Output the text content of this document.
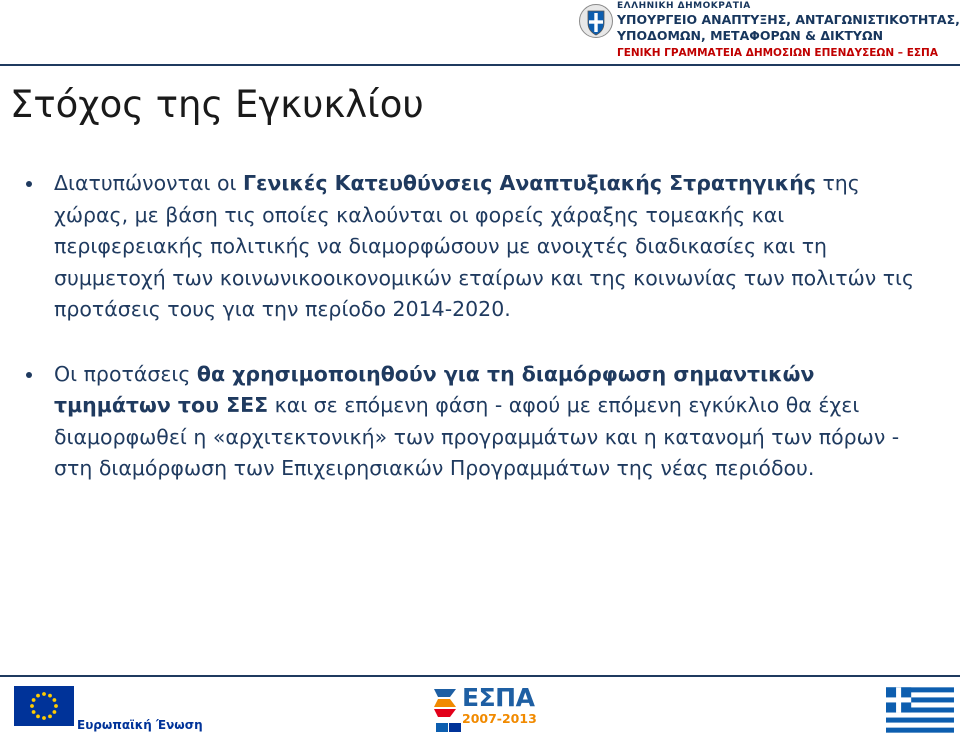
ΕΛΛΗΝΙΚΗ ΔΗΜΟΚΡΑΤΙΑ
ΥΠΟΥΡΓΕΙΟ ΑΝΑΠΤΥΞΗΣ, ΑΝΤΑΓΩΝΙΣΤΙΚΟΤΗΤΑΣ,
ΥΠΟΔΟΜΩΝ, ΜΕΤΑΦΟΡΩΝ & ΔΙΚΤΥΩΝ
ΓΕΝΙΚΗ ΓΡΑΜΜΑΤΕΙΑ ΔΗΜΟΣΙΩΝ ΕΠΕΝΔΥΣΕΩΝ – ΕΣΠΑ
Στόχος της Εγκυκλίου
Διατυπώνονται οι Γενικές Κατευθύνσεις Αναπτυξιακής Στρατηγικής της χώρας, με βάση τις οποίες καλούνται οι φορείς χάραξης τομεακής και περιφερειακής πολιτικής να διαμορφώσουν με ανοιχτές διαδικασίες και τη συμμετοχή των κοινωνικοοικονομικών εταίρων και της κοινωνίας των πολιτών τις προτάσεις τους για την περίοδο 2014-2020.
Οι προτάσεις θα χρησιμοποιηθούν για τη διαμόρφωση σημαντικών τμημάτων του ΣΕΣ και σε επόμενη φάση - αφού με επόμενη εγκύκλιο θα έχει διαμορφωθεί η «αρχιτεκτονική» των προγραμμάτων και η κατανομή των πόρων - στη διαμόρφωση των Επιχειρησιακών Προγραμμάτων της νέας περιόδου.
Ευρωπαϊκή Ένωση
ΕΣΠΑ
2007-2013
